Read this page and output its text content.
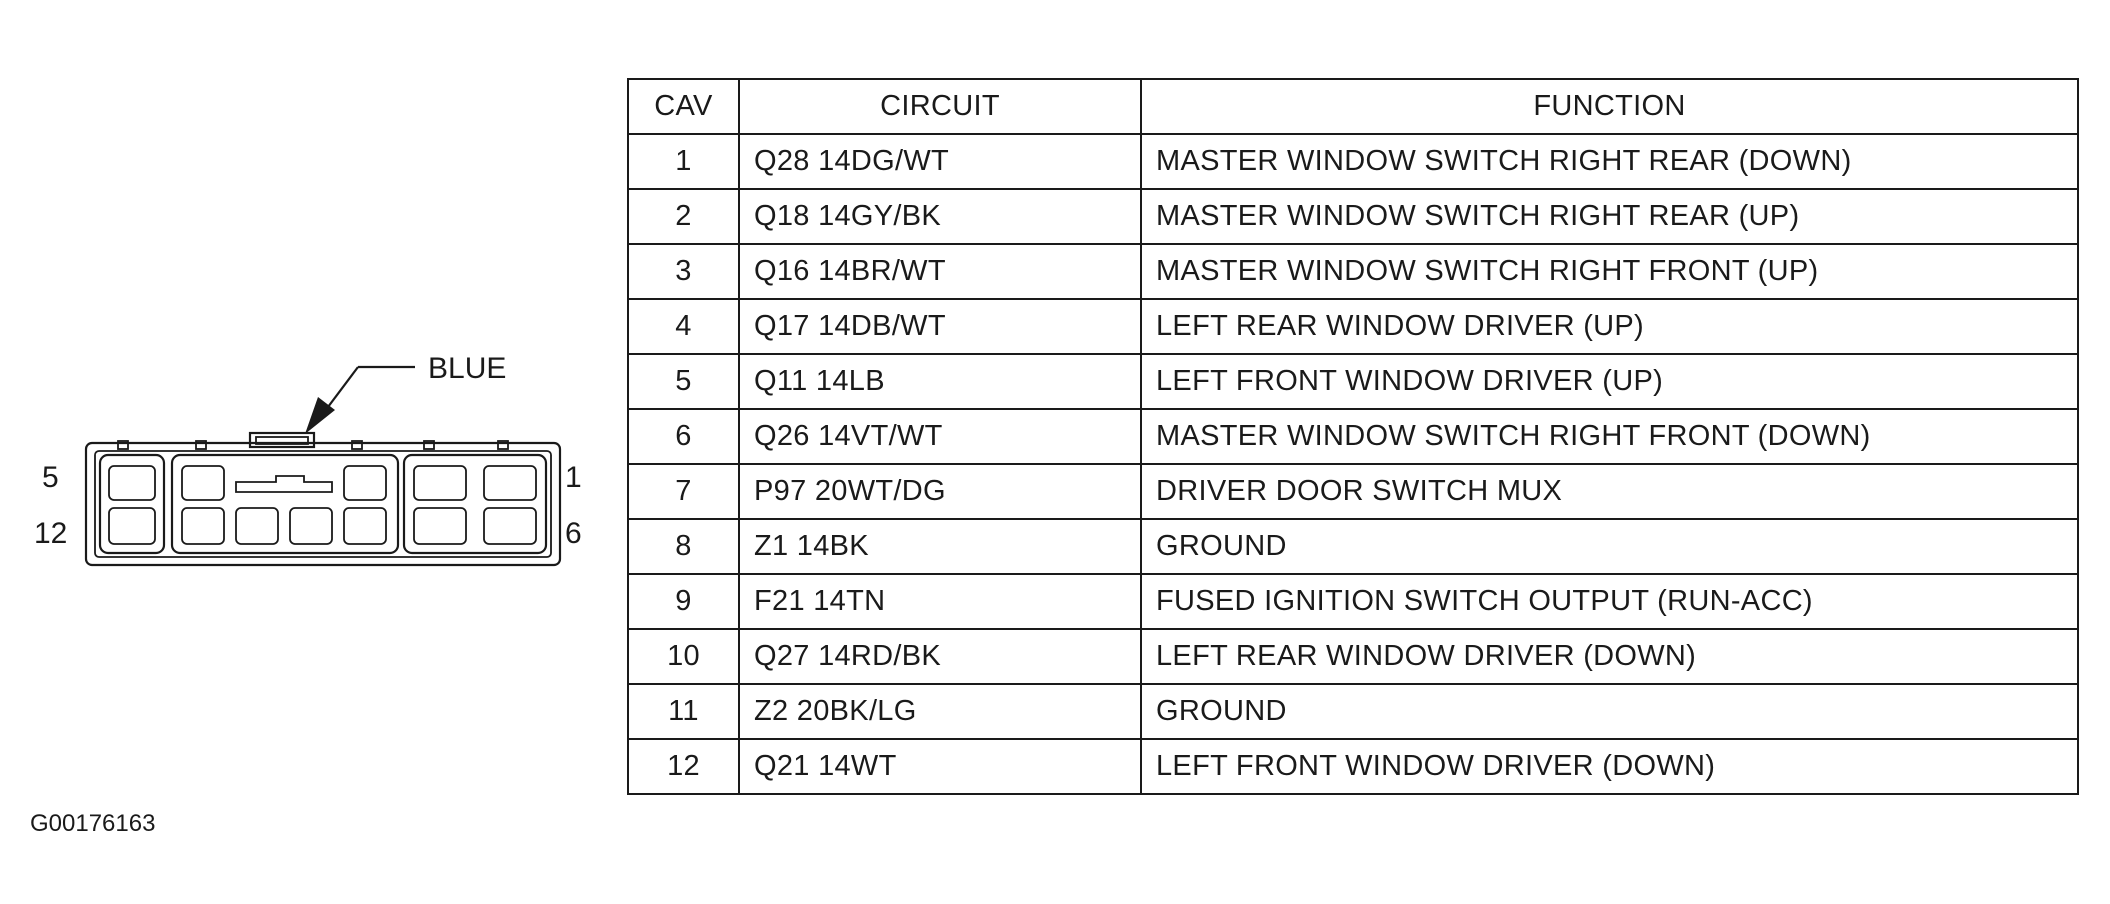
BLUE
5
12
1
6
CAV	CIRCUIT	FUNCTION
1	Q28 14DG/WT	MASTER WINDOW SWITCH RIGHT REAR (DOWN)
2	Q18 14GY/BK	MASTER WINDOW SWITCH RIGHT REAR (UP)
3	Q16 14BR/WT	MASTER WINDOW SWITCH RIGHT FRONT (UP)
4	Q17 14DB/WT	LEFT REAR WINDOW DRIVER (UP)
5	Q11 14LB	LEFT FRONT WINDOW DRIVER (UP)
6	Q26 14VT/WT	MASTER WINDOW SWITCH RIGHT FRONT (DOWN)
7	P97 20WT/DG	DRIVER DOOR SWITCH MUX
8	Z1 14BK	GROUND
9	F21 14TN	FUSED IGNITION SWITCH OUTPUT (RUN-ACC)
10	Q27 14RD/BK	LEFT REAR WINDOW DRIVER (DOWN)
11	Z2 20BK/LG	GROUND
12	Q21 14WT	LEFT FRONT WINDOW DRIVER (DOWN)
G00176163
